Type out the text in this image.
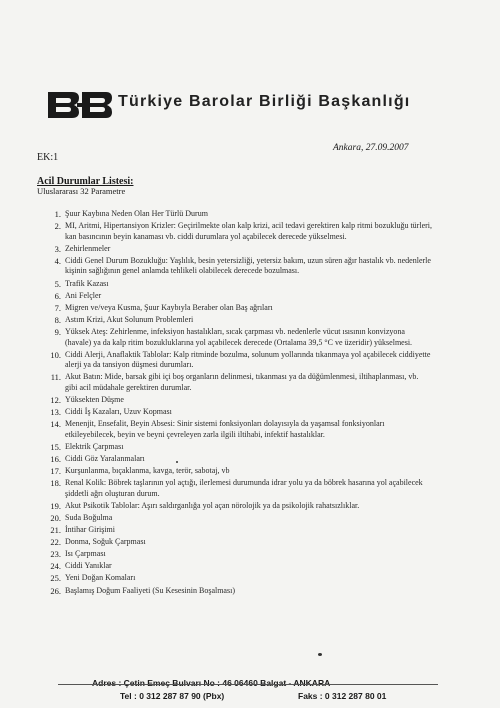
Türkiye Barolar Birliği Başkanlığı
Ankara, 27.09.2007
EK:1
Acil Durumlar Listesi:
Uluslararası 32 Parametre
1. Şuur Kaybına Neden Olan Her Türlü Durum
2. MI, Aritmi, Hipertansiyon Krizler: Geçirilmekte olan kalp krizi, acil tedavi gerektiren kalp ritmi bozukluğu türleri, kan basıncının beyin kanaması vb. ciddi durumlara yol açabilecek derecede yükselmesi.
3. Zehirlenmeler
4. Ciddi Genel Durum Bozukluğu: Yaşlılık, besin yetersizliği, yetersiz bakım, uzun süren ağır hastalık vb. nedenlerle kişinin sağlığının genel anlamda tehlikeli olabilecek derecede bozulması.
5. Trafik Kazası
6. Ani Felçler
7. Migren ve/veya Kusma, Şuur Kaybıyla Beraber olan Baş ağrıları
8. Astım Krizi, Akut Solunum Problemleri
9. Yüksek Ateş: Zehirlenme, infeksiyon hastalıkları, sıcak çarpması vb. nedenlerle vücut ısısının konvizyona (havale) ya da kalp ritim bozukluklarına yol açabilecek derecede (Ortalama 39,5 °C ve üzeridir) yükselmesi.
10. Ciddi Alerji, Anaflaktik Tablolar: Kalp ritminde bozulma, solunum yollarında tıkanmaya yol açabilecek ciddiyette alerji ya da tansiyon düşmesi durumları.
11. Akut Batın: Mide, barsak gibi içi boş organların delinmesi, tıkanması ya da düğümlenmesi, iltihaplanması, vb. gibi acil müdahale gerektiren durumlar.
12. Yüksekten Düşme
13. Ciddi İş Kazaları, Uzuv Kopması
14. Menenjit, Ensefalit, Beyin Absesi: Sinir sistemi fonksiyonları dolayısıyla da yaşamsal fonksiyonları etkileyebilecek, beyin ve beyni çevreleyen zarla ilgili iltihabi, infektif hastalıklar.
15. Elektrik Çarpması
16. Ciddi Göz Yaralanmaları
17. Kurşunlanma, bıçaklanma, kavga, terör, sabotaj, vb
18. Renal Kolik: Böbrek taşlarının yol açtığı, ilerlemesi durumunda idrar yolu ya da böbrek hasarına yol açabilecek şiddetli ağrı oluşturan durum.
19. Akut Psikotik Tablolar: Aşırı saldırganlığa yol açan nörolojik ya da psikolojik rahatsızlıklar.
20. Suda Boğulma
21. İntihar Girişimi
22. Donma, Soğuk Çarpması
23. Isı Çarpması
24. Ciddi Yanıklar
25. Yeni Doğan Komaları
26. Başlamış Doğum Faaliyeti (Su Kesesinin Boşalması)
Adres : Çetin Emeç Bulvarı No : 46 06460 Balgat - ANKARA
Tel : 0 312 287 87 90 (Pbx)	Faks : 0 312 287 80 01
